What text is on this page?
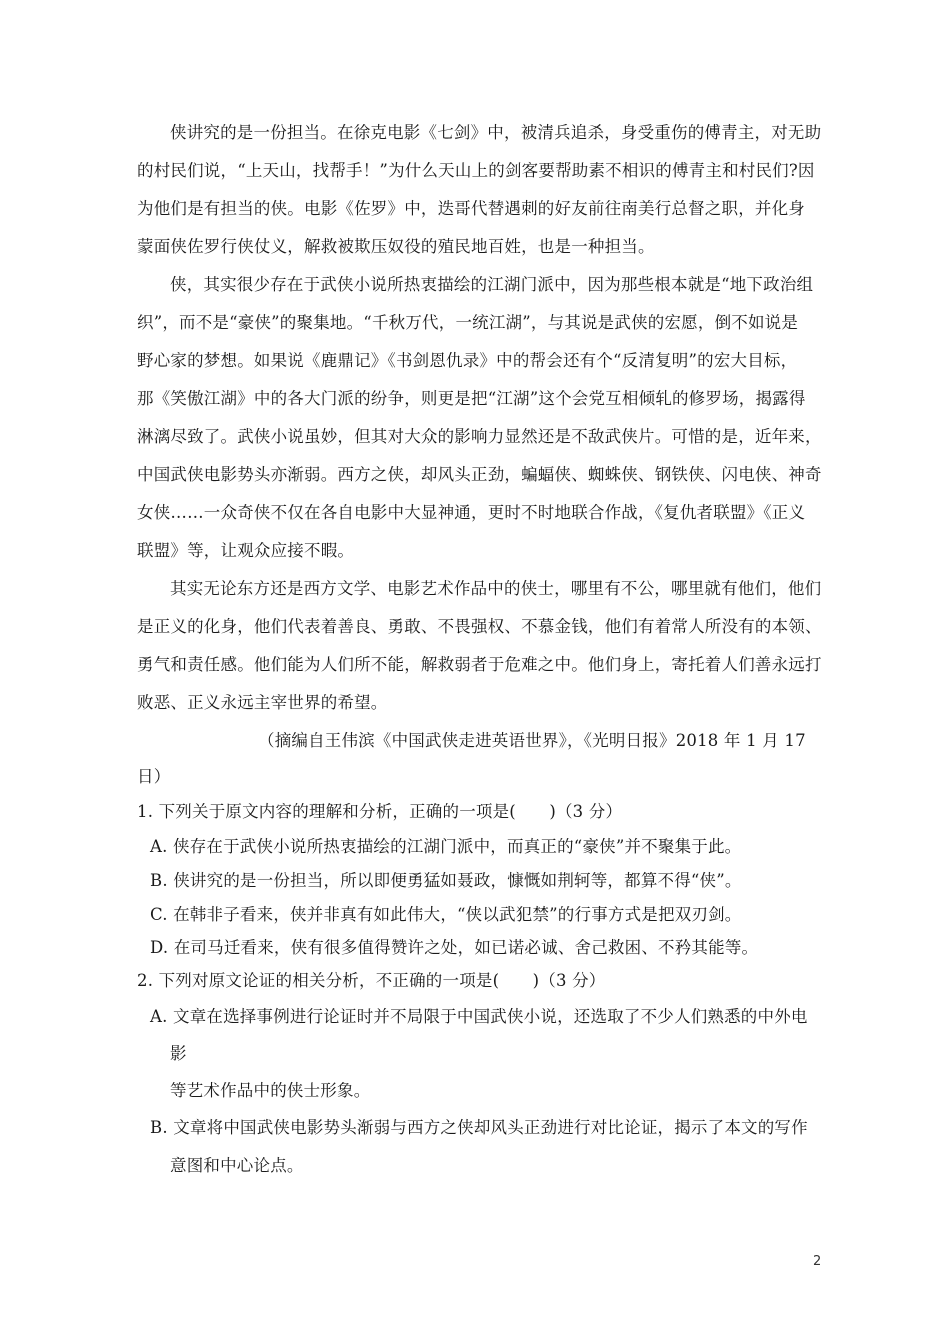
侠讲究的是一份担当。在徐克电影《七剑》中，被清兵追杀，身受重伤的傅青主，对无助
的村民们说，“上天山，找帮手！”为什么天山上的剑客要帮助素不相识的傅青主和村民们?因
为他们是有担当的侠。电影《佐罗》中，迭哥代替遇刺的好友前往南美行总督之职，并化身
蒙面侠佐罗行侠仗义，解救被欺压奴役的殖民地百姓，也是一种担当。
侠，其实很少存在于武侠小说所热衷描绘的江湖门派中，因为那些根本就是“地下政治组
织”，而不是“豪侠”的聚集地。“千秋万代，一统江湖”，与其说是武侠的宏愿，倒不如说是
野心家的梦想。如果说《鹿鼎记》《书剑恩仇录》中的帮会还有个“反清复明”的宏大目标，
那《笑傲江湖》中的各大门派的纷争，则更是把“江湖”这个会党互相倾轧的修罗场，揭露得
淋漓尽致了。武侠小说虽妙，但其对大众的影响力显然还是不敌武侠片。可惜的是，近年来，
中国武侠电影势头亦渐弱。西方之侠，却风头正劲，蝙蝠侠、蜘蛛侠、钢铁侠、闪电侠、神奇
女侠……一众奇侠不仅在各自电影中大显神通，更时不时地联合作战，《复仇者联盟》《正义
联盟》等，让观众应接不暇。
其实无论东方还是西方文学、电影艺术作品中的侠士，哪里有不公，哪里就有他们，他们
是正义的化身，他们代表着善良、勇敢、不畏强权、不慕金钱，他们有着常人所没有的本领、
勇气和责任感。他们能为人们所不能，解救弱者于危难之中。他们身上，寄托着人们善永远打
败恶、正义永远主宰世界的希望。
（摘编自王伟滨《中国武侠走进英语世界》，《光明日报》2018 年 1 月 17
日）
1. 下列关于原文内容的理解和分析，正确的一项是(　　)（3 分）
A. 侠存在于武侠小说所热衷描绘的江湖门派中，而真正的“豪侠”并不聚集于此。
B. 侠讲究的是一份担当，所以即便勇猛如聂政，慷慨如荆轲等，都算不得“侠”。
C. 在韩非子看来，侠并非真有如此伟大，“侠以武犯禁”的行事方式是把双刃剑。
D. 在司马迁看来，侠有很多值得赞许之处，如已诺必诚、舍己救困、不矜其能等。
2. 下列对原文论证的相关分析，不正确的一项是(　　)（3 分）
A. 文章在选择事例进行论证时并不局限于中国武侠小说，还选取了不少人们熟悉的中外电
影
等艺术作品中的侠士形象。
B. 文章将中国武侠电影势头渐弱与西方之侠却风头正劲进行对比论证，揭示了本文的写作
意图和中心论点。
2
